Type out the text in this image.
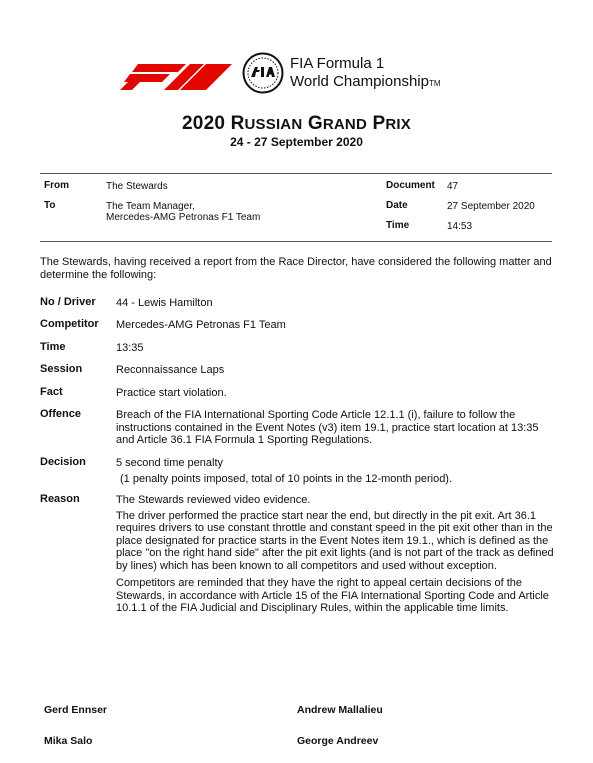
FIA Formula 1
World ChampionshipTM
2020 RUSSIAN GRAND PRIX
24 - 27 September 2020
From	The Stewards
To	The Team Manager,
Mercedes-AMG Petronas F1 Team
Document 47
Date	27 September 2020
Time	14:53
The Stewards, having received a report from the Race Director, have considered the following matter and determine the following:
No / Driver 44 - Lewis Hamilton
Competitor Mercedes-AMG Petronas F1 Team
Time	13:35
Session	Reconnaissance Laps
Fact	Practice start violation.
Offence	Breach of the FIA International Sporting Code Article 12.1.1 (i), failure to follow the instructions contained in the Event Notes (v3) item 19.1, practice start location at 13:35 and Article 36.1 FIA Formula 1 Sporting Regulations.
Decision	5 second time penalty
(1 penalty points imposed, total of 10 points in the 12-month period).
Reason	The Stewards reviewed video evidence.

The driver performed the practice start near the end, but directly in the pit exit. Art 36.1 requires drivers to use constant throttle and constant speed in the pit exit other than in the place designated for practice starts in the Event Notes item 19.1., which is defined as the place "on the right hand side" after the pit exit lights (and is not part of the track as defined by lines) which has been known to all competitors and used without exception.

Competitors are reminded that they have the right to appeal certain decisions of the Stewards, in accordance with Article 15 of the FIA International Sporting Code and Article 10.1.1 of the FIA Judicial and Disciplinary Rules, within the applicable time limits.

Gerd Ennser	Andrew Mallalieu
Mika Salo	George Andreev
